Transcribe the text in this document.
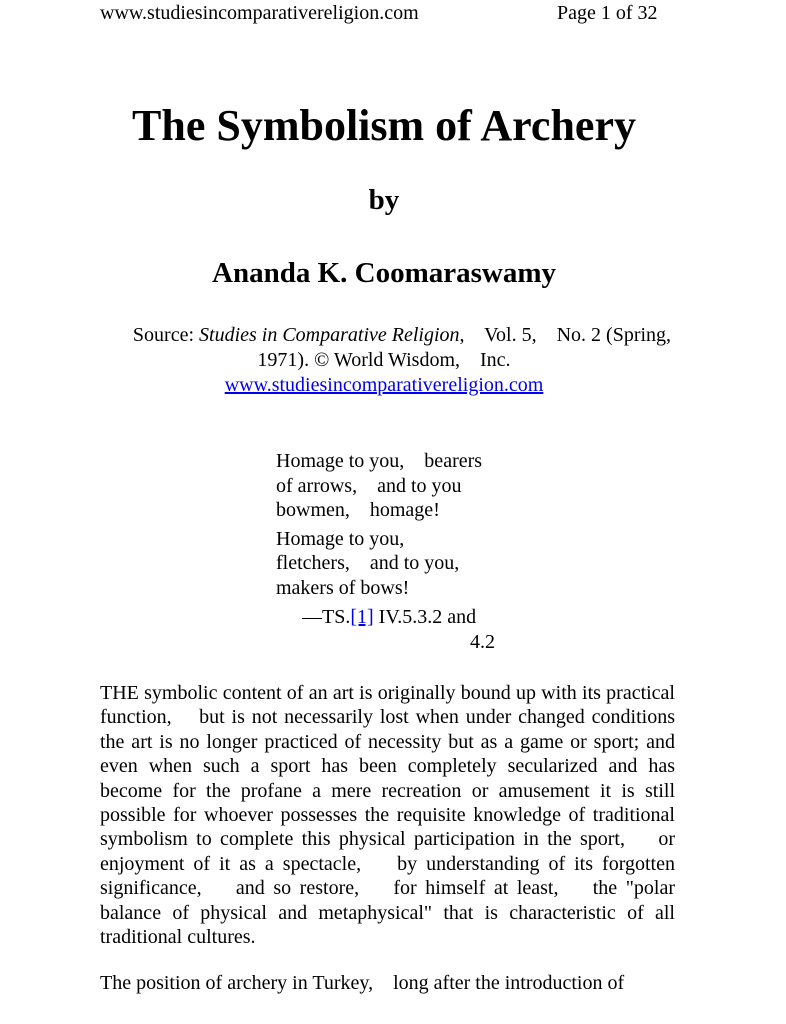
www.studiesincomparativereligion.com	Page 1 of 32
The Symbolism of Archery
by
Ananda K. Coomaraswamy
Source: Studies in Comparative Religion,    Vol. 5,    No. 2 (Spring,
1971). © World Wisdom,    Inc.
www.studiesincomparativereligion.com
Homage to you,    bearers
of arrows,    and to you
bowmen,    homage!
Homage to you,
fletchers,    and to you,
makers of bows!
—TS.[1] IV.5.3.2 and
4.2
THE symbolic content of an art is originally bound up with its practical function,    but is not necessarily lost when under changed conditions the art is no longer practiced of necessity but as a game or sport; and even when such a sport has been completely secularized and has become for the profane a mere recreation or amusement it is still possible for whoever possesses the requisite knowledge of traditional symbolism to complete this physical participation in the sport,    or enjoyment of it as a spectacle,    by understanding of its forgotten significance,    and so restore,    for himself at least,    the "polar balance of physical and metaphysical" that is characteristic of all traditional cultures.
The position of archery in Turkey,    long after the introduction of
